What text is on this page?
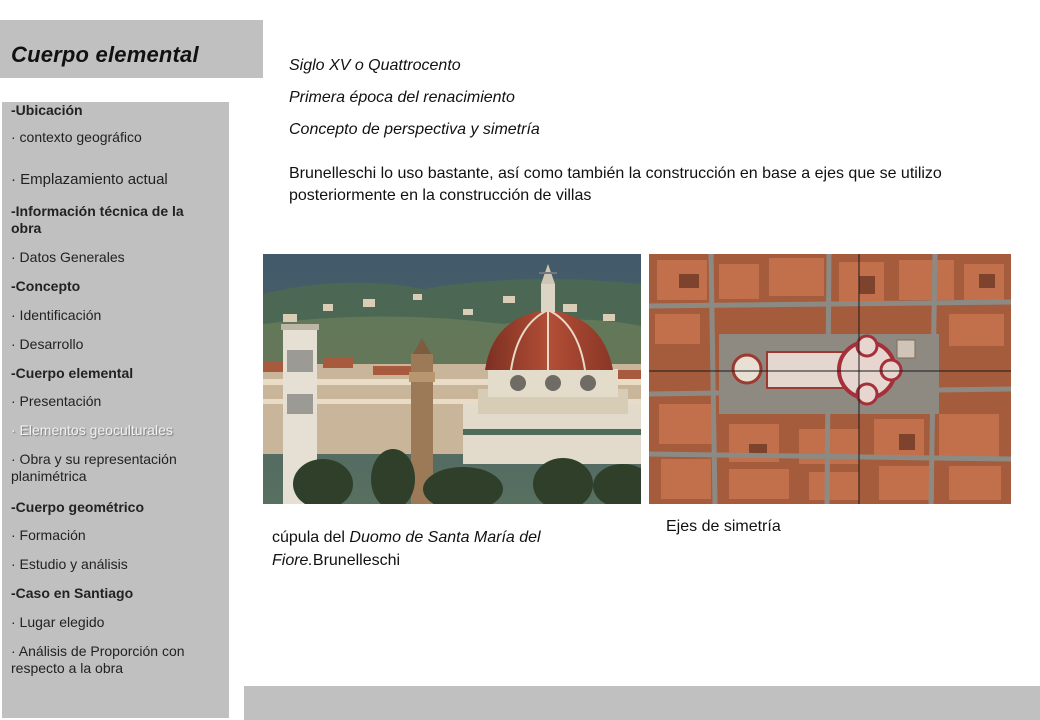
Cuerpo elemental
-Ubicación
· contexto geográfico
· Emplazamiento actual
-Información técnica de la obra
· Datos Generales
-Concepto
· Identificación
· Desarrollo
-Cuerpo elemental
· Presentación
· Elementos geoculturales
· Obra y su representación planimétrica
-Cuerpo geométrico
· Formación
· Estudio y análisis
-Caso en Santiago
· Lugar elegido
· Análisis de Proporción con respecto a la obra
Siglo XV o Quattrocento
Primera época del renacimiento
Concepto de perspectiva y simetría
Brunelleschi lo uso bastante, así como también la construcción en base a ejes que se utilizo posteriormente en la construcción de villas
cúpula del Duomo de Santa María del Fiore.Brunelleschi
Ejes de simetría
